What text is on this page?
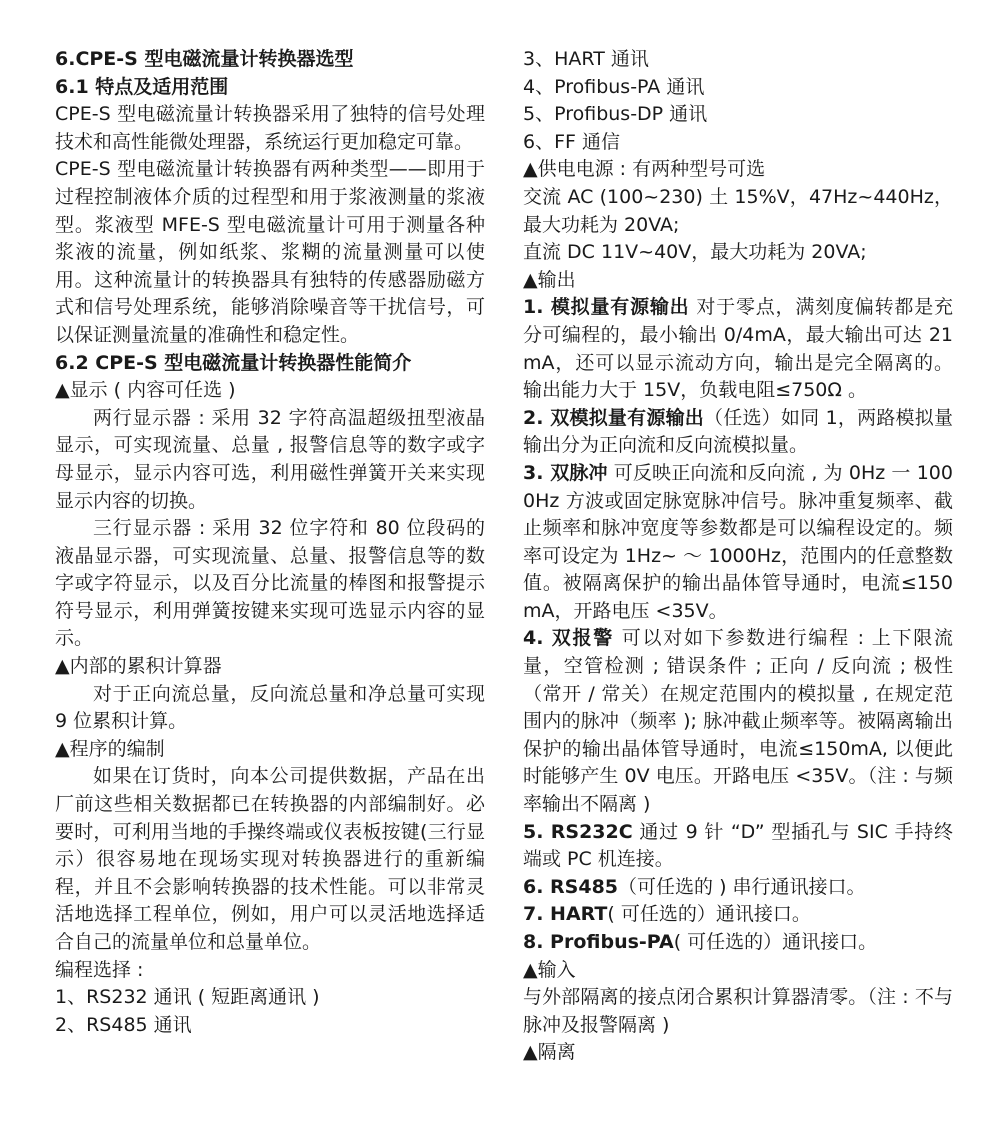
6.CPE-S 型电磁流量计转换器选型

6.1 特点及适用范围

CPE-S 型电磁流量计转换器采用了独特的信号处理技术和高性能微处理器，系统运行更加稳定可靠。

CPE-S 型电磁流量计转换器有两种类型——即用于过程控制液体介质的过程型和用于浆液测量的浆液型。浆液型 MFE-S 型电磁流量计可用于测量各种浆液的流量，例如纸浆、浆糊的流量测量可以使用。这种流量计的转换器具有独特的传感器励磁方式和信号处理系统，能够消除噪音等干扰信号，可以保证测量流量的准确性和稳定性。

6.2 CPE-S 型电磁流量计转换器性能简介

▲显示 ( 内容可任选 )

两行显示器 : 采用 32 字符高温超级扭型液晶显示，可实现流量、总量 , 报警信息等的数字或字母显示，显示内容可选，利用磁性弹簧开关来实现显示内容的切换。

三行显示器 : 采用 32 位字符和 80 位段码的液晶显示器，可实现流量、总量、报警信息等的数字或字符显示，以及百分比流量的棒图和报警提示符号显示，利用弹簧按键来实现可选显示内容的显示。

▲内部的累积计算器

对于正向流总量，反向流总量和净总量可实现 9 位累积计算。

▲程序的编制

如果在订货时，向本公司提供数据，产品在出厂前这些相关数据都已在转换器的内部编制好。必要时，可利用当地的手操终端或仪表板按键(三行显示）很容易地在现场实现对转换器进行的重新编程，并且不会影响转换器的技术性能。可以非常灵活地选择工程单位，例如，用户可以灵活地选择适合自己的流量单位和总量单位。

编程选择 :

1、RS232 通讯 ( 短距离通讯 )

2、RS485 通讯

3、HART 通讯

4、Profibus-PA 通讯

5、Profibus-DP 通讯

6、FF 通信

▲供电电源 : 有两种型号可选

交流 AC (100~230) 土 15%V，47Hz~440Hz，最大功耗为 20VA;

直流 DC 11V~40V，最大功耗为 20VA;

▲输出

1. 模拟量有源输出 对于零点，满刻度偏转都是充分可编程的，最小输出 0/4mA，最大输出可达 21mA，还可以显示流动方向，输出是完全隔离的。输出能力大于 15V，负载电阻≤750Ω 。

2. 双模拟量有源输出（任选）如同 1，两路模拟量输出分为正向流和反向流模拟量。

3. 双脉冲 可反映正向流和反向流 , 为 0Hz 一 1000Hz 方波或固定脉宽脉冲信号。脉冲重复频率、截止频率和脉冲宽度等参数都是可以编程设定的。频率可设定为 1Hz~ ～ 1000Hz，范围内的任意整数值。被隔离保护的输出晶体管导通时，电流≤150mA，开路电压 <35V。

4. 双报警 可以对如下参数进行编程 : 上下限流量，空管检测 ; 错误条件 ; 正向 / 反向流 ; 极性（常开 / 常关）在规定范围内的模拟量 , 在规定范围内的脉冲（频率 ); 脉冲截止频率等。被隔离输出保护的输出晶体管导通时，电流≤150mA, 以便此时能够产生 0V 电压。开路电压 <35V。（注 : 与频率输出不隔离 )

5. RS232C 通过 9 针 “D” 型插孔与 SIC 手持终端或 PC 机连接。

6. RS485（可任选的 ) 串行通讯接口。

7. HART( 可任选的）通讯接口。

8. Profibus-PA( 可任选的）通讯接口。

▲输入

与外部隔离的接点闭合累积计算器清零。（注 : 不与脉冲及报警隔离 )

▲隔离
